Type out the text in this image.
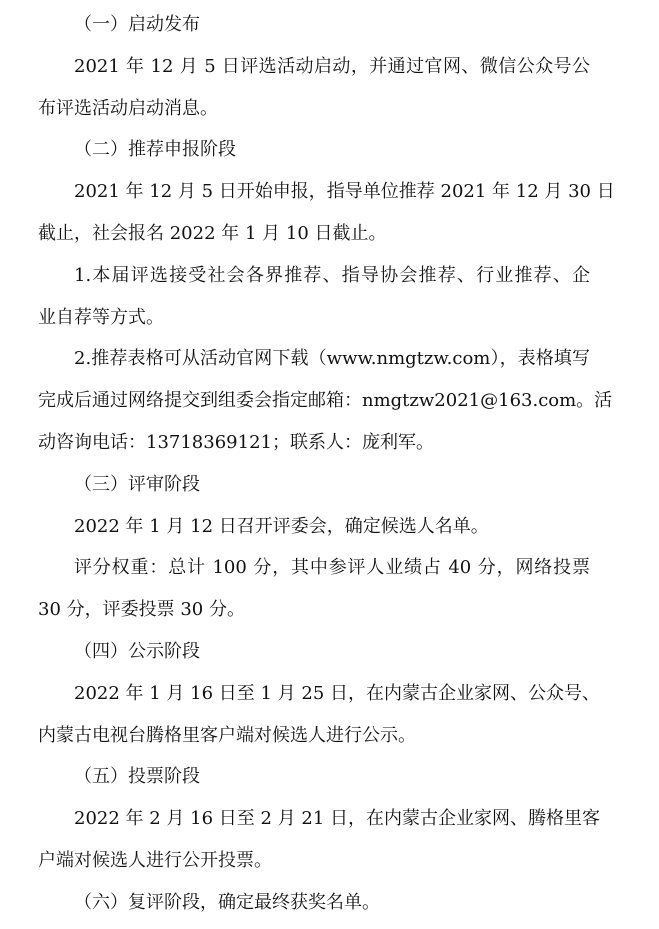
（一）启动发布
2021 年 12 月 5 日评选活动启动，并通过官网、微信公众号公
布评选活动启动消息。
（二）推荐申报阶段
2021 年 12 月 5 日开始申报，指导单位推荐 2021 年 12 月 30 日
截止，社会报名 2022 年 1 月 10 日截止。
1.本届评选接受社会各界推荐、指导协会推荐、行业推荐、企
业自荐等方式。
2.推荐表格可从活动官网下载（www.nmgtzw.com），表格填写
完成后通过网络提交到组委会指定邮箱：nmgtzw2021@163.com。活
动咨询电话：13718369121；联系人：庞利军。
（三）评审阶段
2022 年 1 月 12 日召开评委会，确定候选人名单。
评分权重：总计 100 分，其中参评人业绩占 40 分，网络投票
30 分，评委投票 30 分。
（四）公示阶段
2022 年 1 月 16 日至 1 月 25 日，在内蒙古企业家网、公众号、
内蒙古电视台腾格里客户端对候选人进行公示。
（五）投票阶段
2022 年 2 月 16 日至 2 月 21 日，在内蒙古企业家网、腾格里客
户端对候选人进行公开投票。
（六）复评阶段，确定最终获奖名单。
